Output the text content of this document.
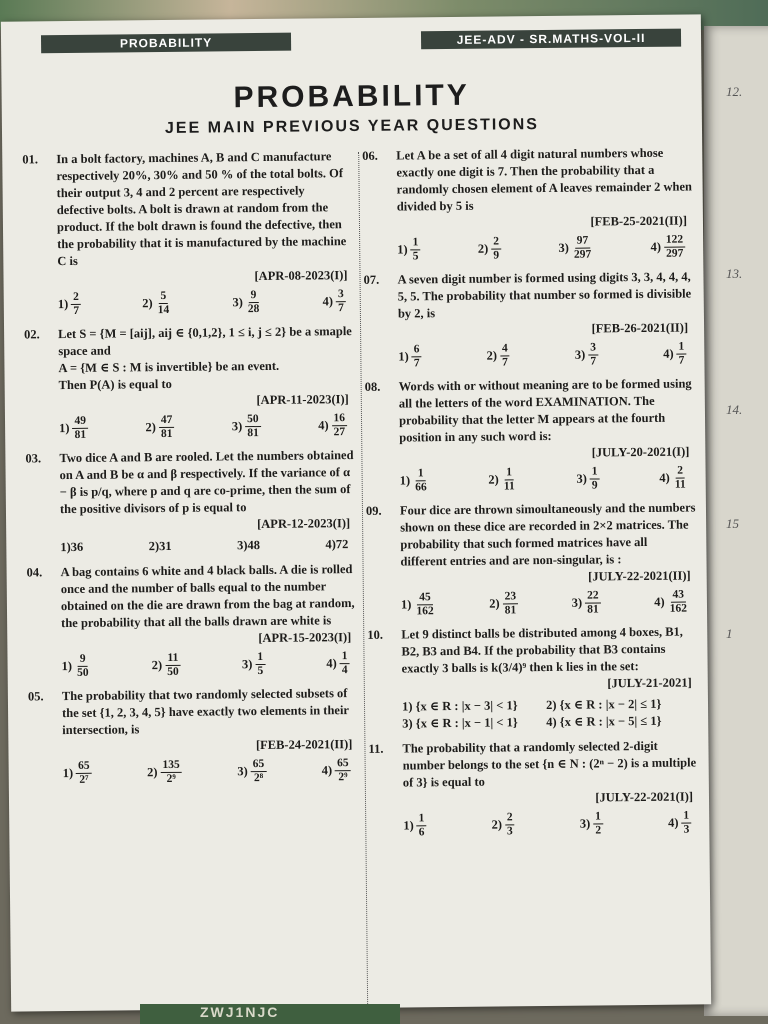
12.
13.
14.
15
1
PROBABILITY	JEE-ADV - SR.MATHS-VOL-II
PROBABILITY
JEE MAIN PREVIOUS YEAR QUESTIONS
01. In a bolt factory, machines A, B and C manufacture respectively 20%, 30% and 50 % of the total bolts. Of their output 3, 4 and 2 percent are respectively defective bolts. A bolt is drawn at random from the product. If the bolt drawn is found the defective, then the probability that it is manufactured by the machine C is
[APR-08-2023(I)]
$1) \frac{2}{7}$	$2) \frac{5}{14}$	$3) \frac{9}{28}$	$4) \frac{3}{7}$
02. Let S = {M = [aij], aij ∈ {0,1,2}, 1 ≤ i, j ≤ 2} be a smaple space and
A = {M ∈ S : M is invertible} be an event.
Then P(A) is equal to
[APR-11-2023(I)]
$1) \frac{49}{81}$	$2) \frac{47}{81}$	$3) \frac{50}{81}$	$4) \frac{16}{27}$
03. Two dice A and B are rooled. Let the numbers obtained on A and B be α and β respectively. If the variance of α − β is p/q, where p and q are co-prime, then the sum of the positive divisors of p is equal to
[APR-12-2023(I)]
1)36	2)31	3)48	4)72
04. A bag contains 6 white and 4 black balls. A die is rolled once and the number of balls equal to the number obtained on the die are drawn from the bag at random, the probability that all the balls drawn are white is
[APR-15-2023(I)]
$1) \frac{9}{50}$	$2) \frac{11}{50}$	$3) \frac{1}{5}$	$4) \frac{1}{4}$
05. The probability that two randomly selected subsets of the set {1, 2, 3, 4, 5} have exactly two elements in their intersection, is
[FEB-24-2021(II)]
$1) \frac{65}{\text{2⁷}}$	$2) \frac{135}{\text{2⁹}}$	$3) \frac{65}{\text{2⁸}}$	$4) \frac{65}{\text{2⁹}}$
06. Let A be a set of all 4 digit natural numbers whose exactly one digit is 7. Then the probability that a randomly chosen element of A leaves remainder 2 when divided by 5 is
[FEB-25-2021(II)]
$1) \frac{1}{5}$	$2) \frac{2}{9}$	$3) \frac{97}{297}$	$4) \frac{122}{297}$
07. A seven digit number is formed using digits 3, 3, 4, 4, 4, 5, 5. The probability that number so formed is divisible by 2, is
[FEB-26-2021(II)]
$1) \frac{6}{7}$	$2) \frac{4}{7}$	$3) \frac{3}{7}$	$4) \frac{1}{7}$
08. Words with or without meaning are to be formed using all the letters of the word EXAMINATION. The probability that the letter M appears at the fourth position in any such word is:
[JULY-20-2021(I)]
$1) \frac{1}{66}$	$2) \frac{1}{11}$	$3) \frac{1}{9}$	$4) \frac{2}{11}$
09. Four dice are thrown simoultaneously and the numbers shown on these dice are recorded in 2×2 matrices. The probability that such formed matrices have all different entries and are non-singular, is :
[JULY-22-2021(II)]
$1) \frac{45}{162}$	$2) \frac{23}{81}$	$3) \frac{22}{81}$	$4) \frac{43}{162}$
10. Let 9 distinct balls be distributed among 4 boxes, B1, B2, B3 and B4. If the probability that B3 contains exactly 3 balls is k(3/4)⁹ then k lies in the set:
[JULY-21-2021]
1) {x ∈ R : |x − 3| < 1}	2) {x ∈ R : |x − 2| ≤ 1}
3) {x ∈ R : |x − 1| < 1}	4) {x ∈ R : |x − 5| ≤ 1}
11. The probability that a randomly selected 2-digit number belongs to the set {n ∈ N : (2ⁿ − 2) is a multiple of 3} is equal to
[JULY-22-2021(I)]
$1) \frac{1}{6}$	$2) \frac{2}{3}$	$3) \frac{1}{2}$	$4) \frac{1}{3}$
ZWJ1NJC
